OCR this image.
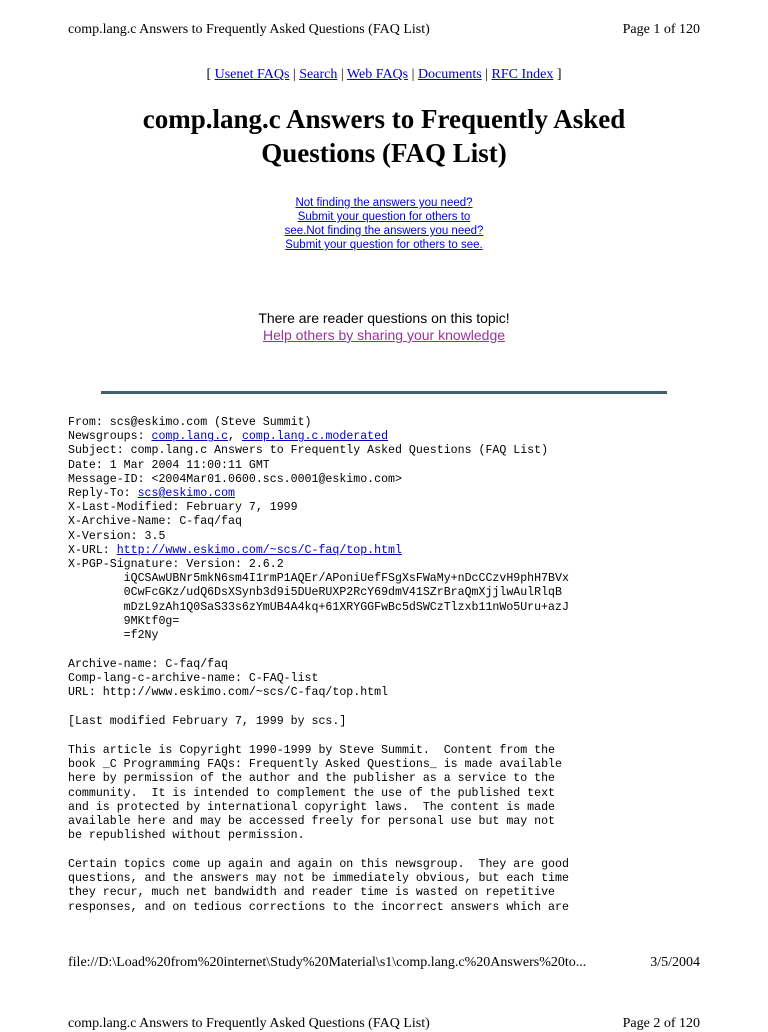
comp.lang.c Answers to Frequently Asked Questions (FAQ List)	Page 1 of 120
[ Usenet FAQs | Search | Web FAQs | Documents | RFC Index ]
comp.lang.c Answers to Frequently Asked Questions (FAQ List)
Not finding the answers you need? Submit your question for others to see.Not finding the answers you need? Submit your question for others to see.
There are reader questions on this topic!
Help others by sharing your knowledge
From: scs@eskimo.com (Steve Summit)
Newsgroups: comp.lang.c, comp.lang.c.moderated
Subject: comp.lang.c Answers to Frequently Asked Questions (FAQ List)
Date: 1 Mar 2004 11:00:11 GMT
Message-ID: <2004Mar01.0600.scs.0001@eskimo.com>
Reply-To: scs@eskimo.com
X-Last-Modified: February 7, 1999
X-Archive-Name: C-faq/faq
X-Version: 3.5
X-URL: http://www.eskimo.com/~scs/C-faq/top.html
X-PGP-Signature: Version: 2.6.2
iQCSAwUBNr5mkN6sm4I1rmP1AQEr/APoniUefFSgXsFWaMy+nDcCCzvH9phH7BVx
0CwFcGKz/udQ6DsXSynb3d9i5DUeRUXP2RcY69dmV41SZrBraQmXjjlwAulRlqB
mDzL9zAh1Q0SaS33s6zYmUB4A4kq+61XRYGGFwBc5dSWCzTlzxb11nWo5Uru+azJ
9MKtf0g=
=f2Ny
Archive-name: C-faq/faq
Comp-lang-c-archive-name: C-FAQ-list
URL: http://www.eskimo.com/~scs/C-faq/top.html
[Last modified February 7, 1999 by scs.]
This article is Copyright 1990-1999 by Steve Summit.  Content from the
book _C Programming FAQs: Frequently Asked Questions_ is made available
here by permission of the author and the publisher as a service to the
community.  It is intended to complement the use of the published text
and is protected by international copyright laws.  The content is made
available here and may be accessed freely for personal use but may not
be republished without permission.
Certain topics come up again and again on this newsgroup.  They are good
questions, and the answers may not be immediately obvious, but each time
they recur, much net bandwidth and reader time is wasted on repetitive
responses, and on tedious corrections to the incorrect answers which are
file://D:\Load%20from%20internet\Study%20Material\s1\comp.lang.c%20Answers%20to...	3/5/2004
comp.lang.c Answers to Frequently Asked Questions (FAQ List)	Page 2 of 120
